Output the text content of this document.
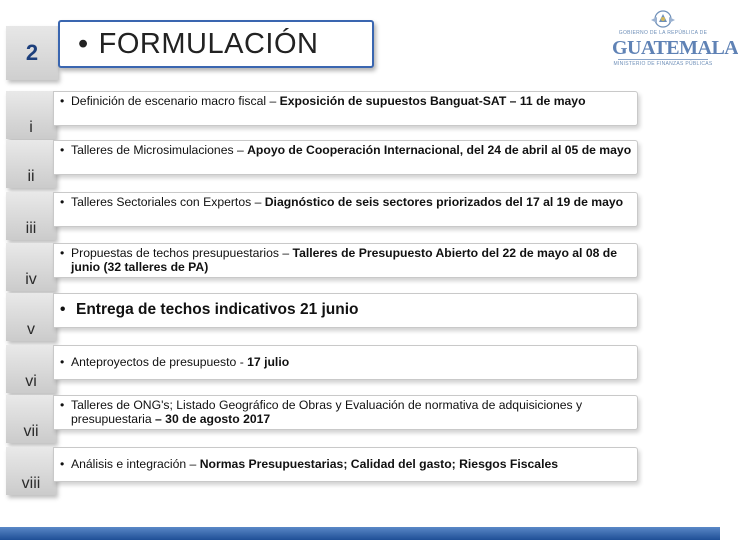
2	• FORMULACIÓN	GOBIERNO DE LA REPÚBLICA DE
GUATEMALA
MINISTERIO DE FINANZAS PÚBLICAS
i
• Definición de escenario macro fiscal – Exposición de supuestos Banguat-SAT – 11 de mayo
ii
• Talleres de Microsimulaciones – Apoyo de Cooperación Internacional, del 24 de abril al 05 de mayo
iii
• Talleres Sectoriales con Expertos – Diagnóstico de seis sectores priorizados del 17 al 19 de mayo
iv
• Propuestas de techos presupuestarios – Talleres de Presupuesto Abierto del 22 de mayo al 08 de junio (32 talleres de PA)
v
• Entrega de techos indicativos 21 junio
vi
• Anteproyectos de presupuesto - 17 julio
vii
• Talleres de ONG's; Listado Geográfico de Obras y Evaluación de normativa de adquisiciones y presupuestaria – 30 de agosto 2017
viii
• Análisis e integración – Normas Presupuestarias; Calidad del gasto; Riesgos Fiscales
